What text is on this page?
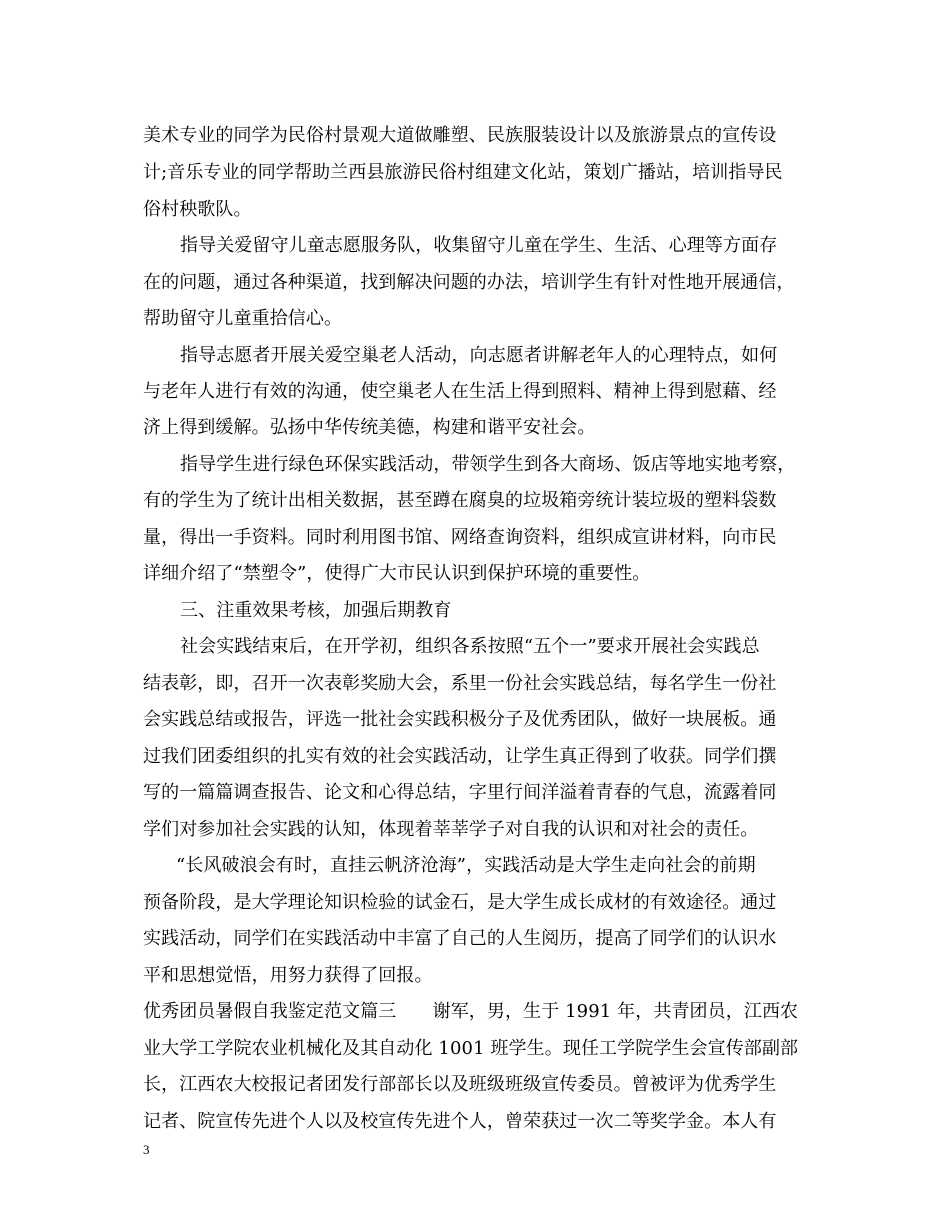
美术专业的同学为民俗村景观大道做雕塑、民族服装设计以及旅游景点的宣传设
计;音乐专业的同学帮助兰西县旅游民俗村组建文化站，策划广播站，培训指导民
俗村秧歌队。
指导关爱留守儿童志愿服务队，收集留守儿童在学生、生活、心理等方面存
在的问题，通过各种渠道，找到解决问题的办法，培训学生有针对性地开展通信，
帮助留守儿童重拾信心。
指导志愿者开展关爱空巢老人活动，向志愿者讲解老年人的心理特点，如何
与老年人进行有效的沟通，使空巢老人在生活上得到照料、精神上得到慰藉、经
济上得到缓解。弘扬中华传统美德，构建和谐平安社会。
指导学生进行绿色环保实践活动，带领学生到各大商场、饭店等地实地考察，
有的学生为了统计出相关数据，甚至蹲在腐臭的垃圾箱旁统计装垃圾的塑料袋数
量，得出一手资料。同时利用图书馆、网络查询资料，组织成宣讲材料，向市民
详细介绍了“禁塑令”，使得广大市民认识到保护环境的重要性。
三、注重效果考核，加强后期教育
社会实践结束后，在开学初，组织各系按照“五个一”要求开展社会实践总
结表彰，即，召开一次表彰奖励大会，系里一份社会实践总结，每名学生一份社
会实践总结或报告，评选一批社会实践积极分子及优秀团队，做好一块展板。通
过我们团委组织的扎实有效的社会实践活动，让学生真正得到了收获。同学们撰
写的一篇篇调查报告、论文和心得总结，字里行间洋溢着青春的气息，流露着同
学们对参加社会实践的认知，体现着莘莘学子对自我的认识和对社会的责任。
“长风破浪会有时，直挂云帆济沧海”，实践活动是大学生走向社会的前期
预备阶段，是大学理论知识检验的试金石，是大学生成长成材的有效途径。通过
实践活动，同学们在实践活动中丰富了自己的人生阅历，提高了同学们的认识水
平和思想觉悟，用努力获得了回报。
优秀团员暑假自我鉴定范文篇三　　谢军，男，生于 1991 年，共青团员，江西农
业大学工学院农业机械化及其自动化 1001 班学生。现任工学院学生会宣传部副部
长，江西农大校报记者团发行部部长以及班级班级宣传委员。曾被评为优秀学生
记者、院宣传先进个人以及校宣传先进个人，曾荣获过一次二等奖学金。本人有
3
